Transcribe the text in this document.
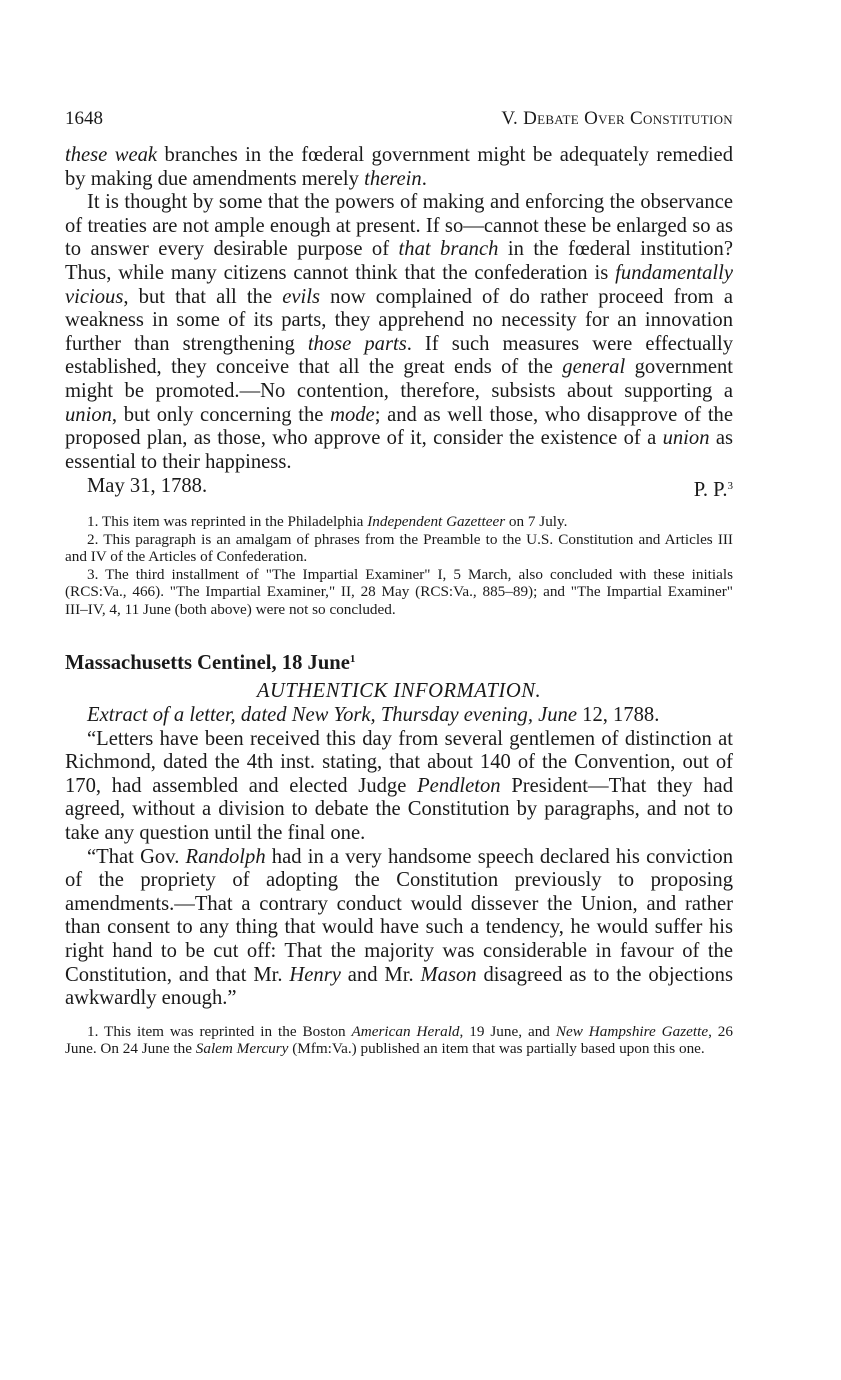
1648	V. Debate Over Constitution

these weak branches in the fœderal government might be adequately remedied by making due amendments merely therein.

It is thought by some that the powers of making and enforcing the observance of treaties are not ample enough at present. If so—cannot these be enlarged so as to answer every desirable purpose of that branch in the fœderal institution? Thus, while many citizens cannot think that the confederation is fundamentally vicious, but that all the evils now complained of do rather proceed from a weakness in some of its parts, they apprehend no necessity for an innovation further than strengthening those parts. If such measures were effectually established, they conceive that all the great ends of the general government might be promoted.—No contention, therefore, subsists about supporting a union, but only concerning the mode; and as well those, who disapprove of the proposed plan, as those, who approve of it, consider the existence of a union as essential to their happiness.

May 31, 1788.	P. P.$^3$

1. This item was reprinted in the Philadelphia Independent Gazetteer on 7 July.

2. This paragraph is an amalgam of phrases from the Preamble to the U.S. Constitution and Articles III and IV of the Articles of Confederation.

3. The third installment of "The Impartial Examiner" I, 5 March, also concluded with these initials (RCS:Va., 466). "The Impartial Examiner," II, 28 May (RCS:Va., 885–89); and "The Impartial Examiner" III–IV, 4, 11 June (both above) were not so concluded.

Massachusetts Centinel, 18 June$^1$
AUTHENTICK INFORMATION.
Extract of a letter, dated New York, Thursday evening, June 12, 1788.

“Letters have been received this day from several gentlemen of distinction at Richmond, dated the 4th inst. stating, that about 140 of the Convention, out of 170, had assembled and elected Judge Pendleton President—That they had agreed, without a division to debate the Constitution by paragraphs, and not to take any question until the final one.

“That Gov. Randolph had in a very handsome speech declared his conviction of the propriety of adopting the Constitution previously to proposing amendments.—That a contrary conduct would dissever the Union, and rather than consent to any thing that would have such a tendency, he would suffer his right hand to be cut off: That the majority was considerable in favour of the Constitution, and that Mr. Henry and Mr. Mason disagreed as to the objections awkwardly enough.”

1. This item was reprinted in the Boston American Herald, 19 June, and New Hampshire Gazette, 26 June. On 24 June the Salem Mercury (Mfm:Va.) published an item that was partially based upon this one.
